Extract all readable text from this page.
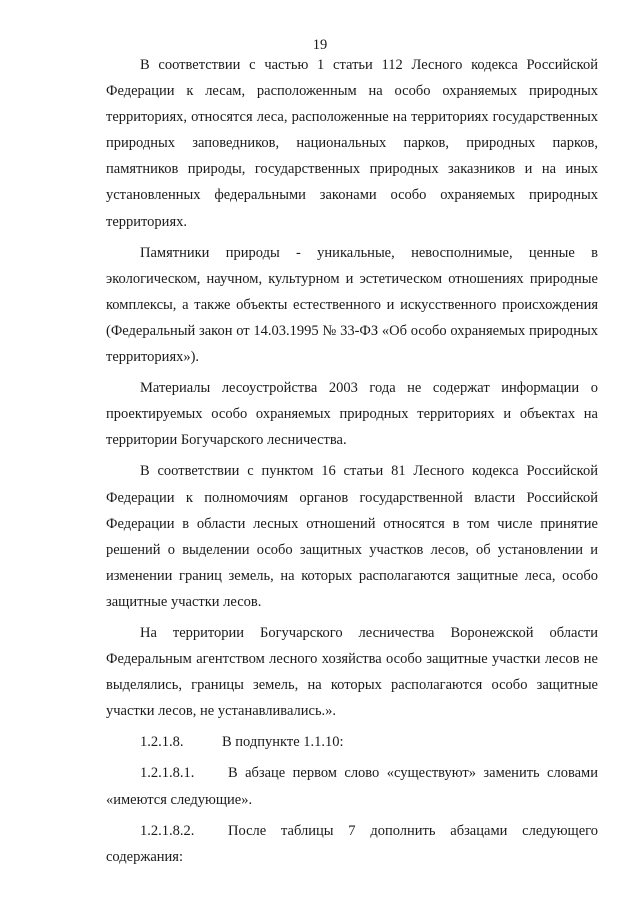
19

В соответствии с частью 1 статьи 112 Лесного кодекса Российской Федерации к лесам, расположенным на особо охраняемых природных территориях, относятся леса, расположенные на территориях государственных природных заповедников, национальных парков, природных парков, памятников природы, государственных природных заказников и на иных установленных федеральными законами особо охраняемых природных территориях.

Памятники природы - уникальные, невосполнимые, ценные в экологическом, научном, культурном и эстетическом отношениях природные комплексы, а также объекты естественного и искусственного происхождения (Федеральный закон от 14.03.1995 № 33-ФЗ «Об особо охраняемых природных территориях»).

Материалы лесоустройства 2003 года не содержат информации о проектируемых особо охраняемых природных территориях и объектах на территории Богучарского лесничества.

В соответствии с пунктом 16 статьи 81 Лесного кодекса Российской Федерации к полномочиям органов государственной власти Российской Федерации в области лесных отношений относятся в том числе принятие решений о выделении особо защитных участков лесов, об установлении и изменении границ земель, на которых располагаются защитные леса, особо защитные участки лесов.

На территории Богучарского лесничества Воронежской области Федеральным агентством лесного хозяйства особо защитные участки лесов не выделялись, границы земель, на которых располагаются особо защитные участки лесов, не устанавливались.».

1.2.1.8.	В подпункте 1.1.10:

1.2.1.8.1. В абзаце первом слово «существуют» заменить словами «имеются следующие».

1.2.1.8.2. После таблицы 7 дополнить абзацами следующего содержания:
